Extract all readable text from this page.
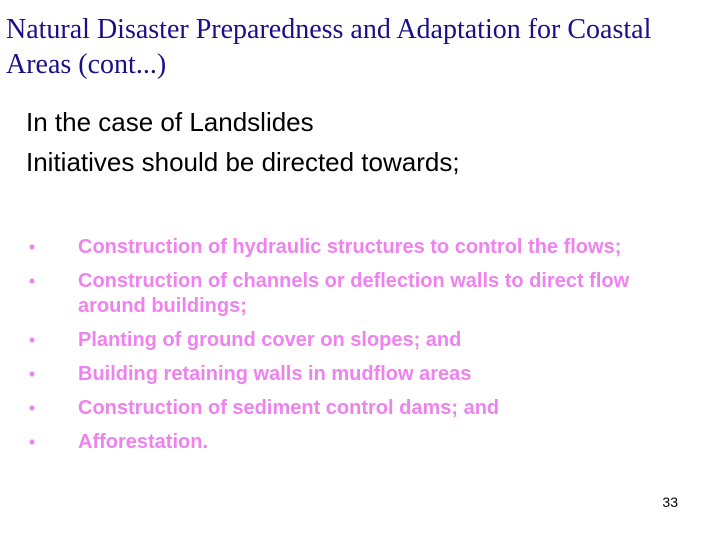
Natural Disaster Preparedness and Adaptation for Coastal Areas (cont...)
In the case of Landslides
Initiatives should be directed towards;
• Construction of hydraulic structures to control the flows;
• Construction of channels or deflection walls to direct flow around buildings;
• Planting of ground cover on slopes; and
• Building retaining walls in mudflow areas
• Construction of sediment control dams; and
• Afforestation.
33
